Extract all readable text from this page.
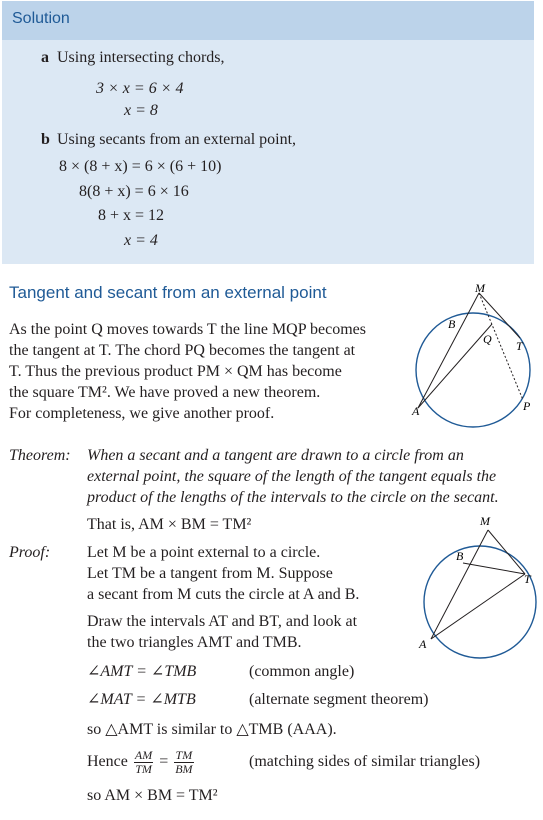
Solution
a Using intersecting chords,
3 × x = 6 × 4
x = 8
b Using secants from an external point,
8 × (8 + x) = 6 × (6 + 10)
8(8 + x) = 6 × 16
8 + x = 12
x = 4
Tangent and secant from an external point
As the point Q moves towards T the line MQP becomes
the tangent at T. The chord PQ becomes the tangent at
T. Thus the previous product PM × QM has become
the square TM². We have proved a new theorem.
For completeness, we give another proof.
M
B
Q T
A	P
Theorem: When a secant and a tangent are drawn to a circle from an
external point, the square of the length of the tangent equals the
product of the lengths of the intervals to the circle on the secant.
That is, AM × BM = TM²
Proof: Let M be a point external to a circle.
Let TM be a tangent from M. Suppose
a secant from M cuts the circle at A and B.
Draw the intervals AT and BT, and look at
the two triangles AMT and TMB.
∠AMT = ∠TMB	(common angle)
∠MAT = ∠MTB	(alternate segment theorem)
so △AMT is similar to △TMB (AAA).
Hence $\frac{AM}{TM} = \frac{TM}{BM}$	(matching sides of similar triangles)
so AM × BM = TM²
M
B
T
A
